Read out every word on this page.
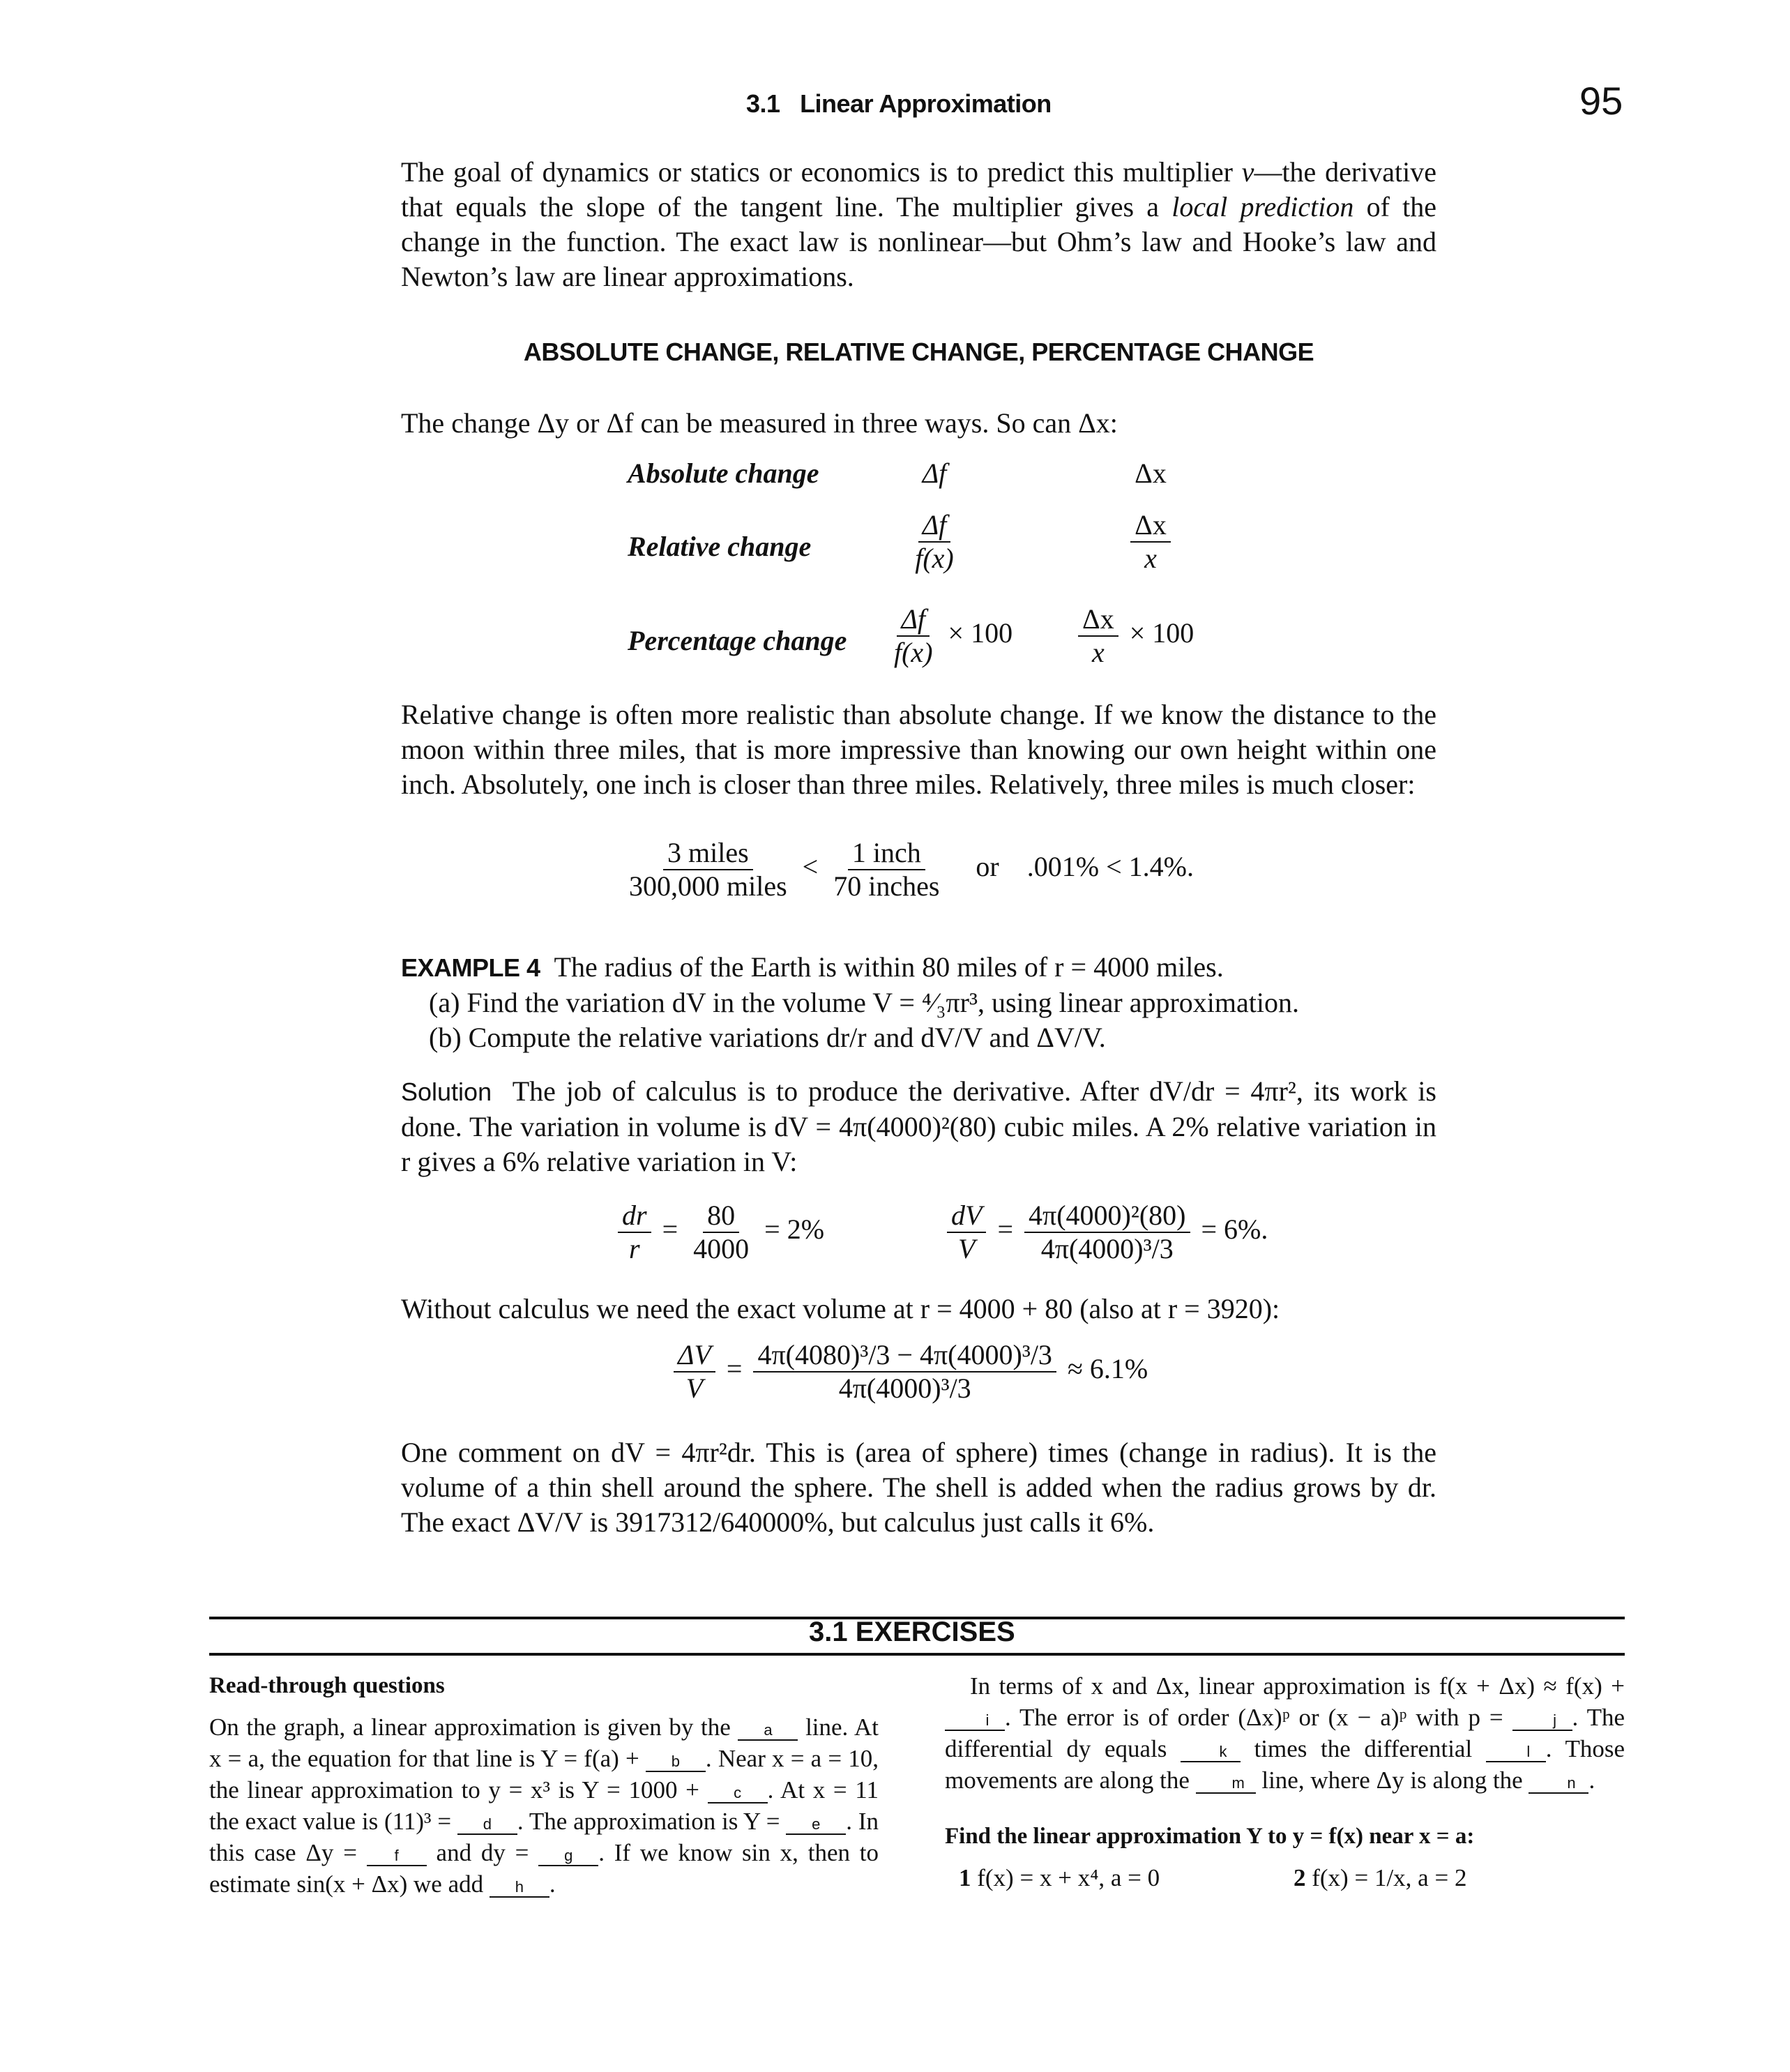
3.1 Linear Approximation	95

The goal of dynamics or statics or economics is to predict this multiplier v—the derivative that equals the slope of the tangent line. The multiplier gives a local prediction of the change in the function. The exact law is nonlinear—but Ohm’s law and Hooke’s law and Newton’s law are linear approximations.

ABSOLUTE CHANGE, RELATIVE CHANGE, PERCENTAGE CHANGE
The change Δy or Δf can be measured in three ways. So can Δx:
Absolute change	Δf	Δx
Relative change	$\frac{\Delta f}{f(x)}$	$\frac{\Delta x}{x}$
Percentage change $\frac{\Delta f}{f(x)} \times 100$	$\frac{\Delta x}{x} \times 100$

Relative change is often more realistic than absolute change. If we know the distance to the moon within three miles, that is more impressive than knowing our own height within one inch. Absolutely, one inch is closer than three miles. Relatively, three miles is much closer:

$\frac{\text{3 miles}}{\text{300,000 miles}} < \frac{\text{1 inch}}{\text{70 inches}}$ or .001% < 1.4%.
EXAMPLE 4 The radius of the Earth is within 80 miles of r = 4000 miles.
(a) Find the variation dV in the volume V = ⁴⁄₃πr³, using linear approximation.
(b) Compute the relative variations dr/r and dV/V and ΔV/V.

Solution The job of calculus is to produce the derivative. After dV/dr = 4πr², its work is done. The variation in volume is dV = 4π(4000)²(80) cubic miles. A 2% relative variation in r gives a 6% relative variation in V:

$\frac{dr}{r} = \frac{80}{4000} = 2\%$	$\frac{dV}{V} = \frac{\text{4π(4000)²(80)}}{\text{4π(4000)³/3}} = 6\%$.
Without calculus we need the exact volume at r = 4000 + 80 (also at r = 3920):
$\frac{\Delta V}{V} = \frac{\text{4π(4080)³/3 − 4π(4000)³/3}}{\text{4π(4000)³/3}} \approx 6.1\%$

One comment on dV = 4πr²dr. This is (area of sphere) times (change in radius). It is the volume of a thin shell around the sphere. The shell is added when the radius grows by dr. The exact ΔV/V is 3917312/640000%, but calculus just calls it 6%.

3.1 EXERCISES
Read-through questions

On the graph, a linear approximation is given by the a line. At x = a, the equation for that line is Y = f(a) + b . Near x = a = 10, the linear approximation to y = x³ is Y = 1000 + c . At x = 11 the exact value is (11)³ = d . The approximation is Y = e . In this case Δy = f and dy = g . If we know sin x, then to estimate sin(x + Δx) we add h .

In terms of x and Δx, linear approximation is f(x + Δx) ≈ f(x) + i . The error is of order (Δx)ᵖ or (x − a)ᵖ with p =	j . The differential dy equals	k times the differential	l . Those movements are along the m line, where Δy is along the n .

Find the linear approximation Y to y = f(x) near x = a:
1 f(x) = x + x⁴, a = 0	2 f(x) = 1/x, a = 2
